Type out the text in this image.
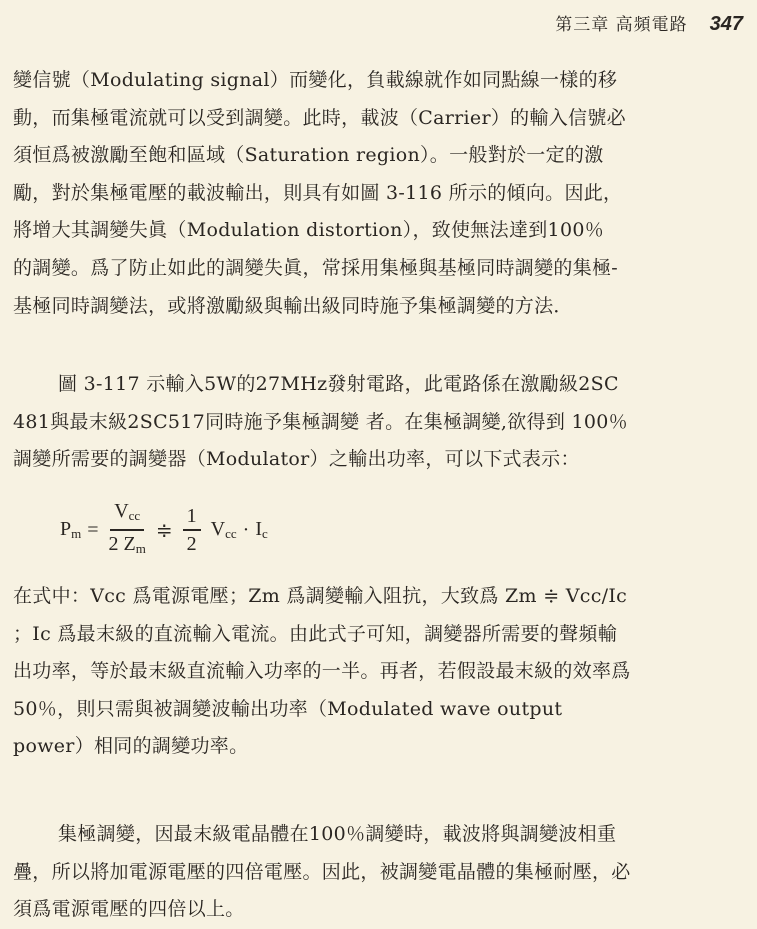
第三章 高頻電路 347
變信號（Modulating signal）而變化，負載線就作如同點線一樣的移
動，而集極電流就可以受到調變。此時，載波（Carrier）的輸入信號必
須恒爲被激勵至飽和區域（Saturation region）。一般對於一定的激
勵，對於集極電壓的載波輸出，則具有如圖 3-116 所示的傾向。因此，
將增大其調變失眞（Modulation distortion），致使無法達到100％
的調變。爲了防止如此的調變失眞，常採用集極與基極同時調變的集極-
基極同時調變法，或將激勵級與輸出級同時施予集極調變的方法．
圖 3-117 示輸入5W的27MHz發射電路，此電路係在激勵級2SC
481與最末級2SC517同時施予集極調變 者。在集極調變,欲得到 100％
調變所需要的調變器（Modulator）之輸出功率，可以下式表示：
$P_m = \frac{V_{cc}}{2 Z_m}$ ≑ $\frac{1}{2} V_{cc} \cdot I_c$
在式中：Vcc 爲電源電壓；Zm 爲調變輸入阻抗，大致爲 Zm ≑ Vcc/Ic
；Ic 爲最末級的直流輸入電流。由此式子可知，調變器所需要的聲頻輸
出功率，等於最末級直流輸入功率的一半。再者，若假設最末級的效率爲
50％，則只需與被調變波輸出功率（Modulated wave output
power）相同的調變功率。
集極調變，因最末級電晶體在100％調變時，載波將與調變波相重
疊，所以將加電源電壓的四倍電壓。因此，被調變電晶體的集極耐壓，必
須爲電源電壓的四倍以上。
